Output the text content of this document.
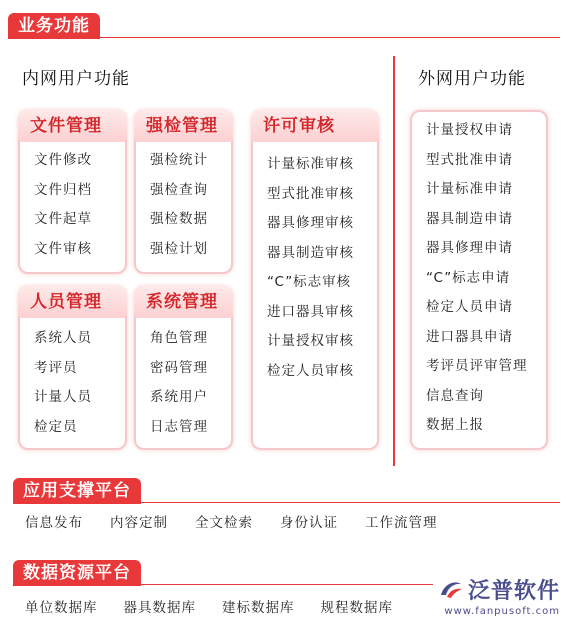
业务功能
内网用户功能	外网用户功能
文件管理
文件修改
文件归档
文件起草
文件审核
强检管理
强检统计
强检查询
强检数据
强检计划
许可审核
计量标准审核
型式批准审核
器具修理审核
器具制造审核
“C”标志审核
进口器具审核
计量授权审核
检定人员审核
人员管理
系统人员
考评员
计量人员
检定员
系统管理
角色管理
密码管理
系统用户
日志管理
计量授权申请
型式批准申请
计量标准申请
器具制造申请
器具修理申请
“C”标志申请
检定人员申请
进口器具申请
考评员评审管理
信息查询
数据上报
应用支撑平台
信息发布 内容定制 全文检索 身份认证 工作流管理
数据资源平台
单位数据库 器具数据库 建标数据库 规程数据库
泛普软件
www.fanpusoft.com
